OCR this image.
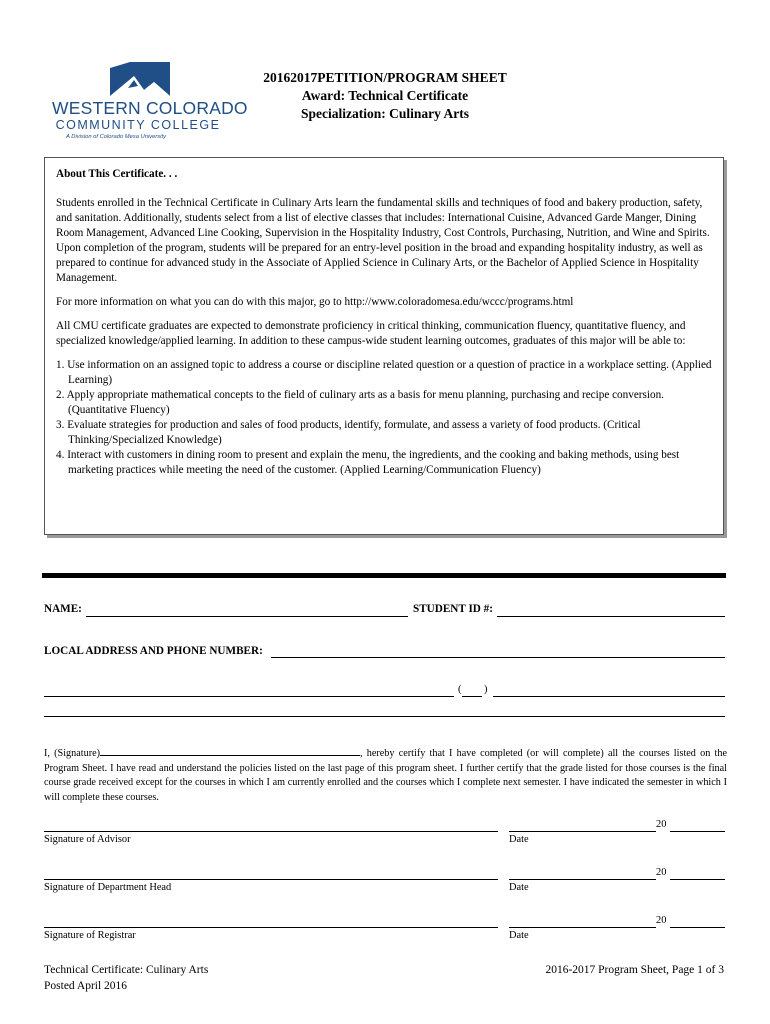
WESTERN COLORADO
COMMUNITY COLLEGE
A Division of Colorado Mesa University
20162017PETITION/PROGRAM SHEET
Award: Technical Certificate
Specialization: Culinary Arts

About This Certificate. . .

Students enrolled in the Technical Certificate in Culinary Arts learn the fundamental skills and techniques of food and bakery production, safety, and sanitation. Additionally, students select from a list of elective classes that includes: International Cuisine, Advanced Garde Manger, Dining Room Management, Advanced Line Cooking, Supervision in the Hospitality Industry, Cost Controls, Purchasing, Nutrition, and Wine and Spirits. Upon completion of the program, students will be prepared for an entry-level position in the broad and expanding hospitality industry, as well as prepared to continue for advanced study in the Associate of Applied Science in Culinary Arts, or the Bachelor of Applied Science in Hospitality Management.

For more information on what you can do with this major, go to http://www.coloradomesa.edu/wccc/programs.html

All CMU certificate graduates are expected to demonstrate proficiency in critical thinking, communication fluency, quantitative fluency, and specialized knowledge/applied learning. In addition to these campus-wide student learning outcomes, graduates of this major will be able to:

1. Use information on an assigned topic to address a course or discipline related question or a question of practice in a workplace setting. (Applied Learning)
2. Apply appropriate mathematical concepts to the field of culinary arts as a basis for menu planning, purchasing and recipe conversion. (Quantitative Fluency)
3. Evaluate strategies for production and sales of food products, identify, formulate, and assess a variety of food products. (Critical Thinking/Specialized Knowledge)
4. Interact with customers in dining room to present and explain the menu, the ingredients, and the cooking and baking methods, using best marketing practices while meeting the need of the customer. (Applied Learning/Communication Fluency)
NAME:	STUDENT ID #:
LOCAL ADDRESS AND PHONE NUMBER:
( )
I, (Signature)	, hereby certify that I have completed (or will complete) all the courses listed on the Program Sheet. I have read and understand the policies listed on the last page of this program sheet. I further certify that the grade listed for those courses is the final course grade received except for the courses in which I am currently enrolled and the courses which I complete next semester. I have indicated the semester in which I will complete these courses.
Signature of Advisor
20
Date
Signature of Department Head
20
Date
Signature of Registrar
20
Date
Technical Certificate: Culinary Arts
Posted April 2016
2016-2017 Program Sheet, Page 1 of 3
